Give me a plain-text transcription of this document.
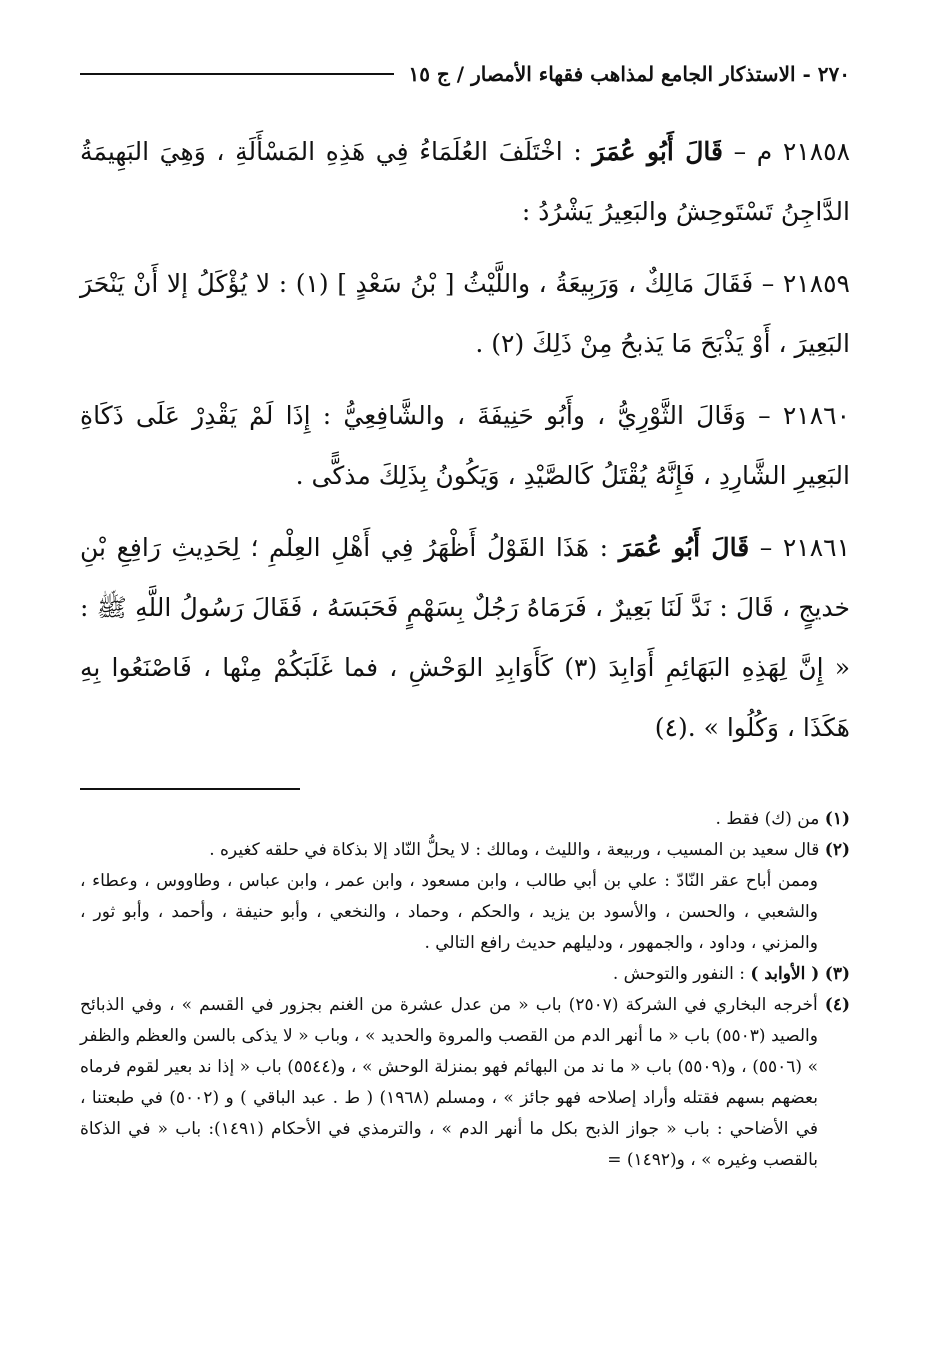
٢٧٠ - الاستذكار الجامع لمذاهب فقهاء الأمصار / ج ١٥

٢١٨٥٨ م – قَالَ أَبُو عُمَرَ : اخْتَلَفَ العُلَمَاءُ فِي هَذِهِ المَسْأَلَةِ ، وَهِيَ البَهِيمَةُ الدَّاجِنُ تَسْتَوحِشُ والبَعِيرُ يَشْرُدُ :

٢١٨٥٩ – فَقَالَ مَالِكٌ ، وَرَبِيعَةُ ، واللَّيْثُ [ بْنُ سَعْدٍ ] (١) : لا يُؤْكَلُ إلا أَنْ يَنْحَرَ البَعِيرَ ، أَوْ يَذْبَحَ مَا يَذبحُ مِنْ ذَلِكَ (٢) .

٢١٨٦٠ – وَقَالَ الثَّوْرِيُّ ، وأَبُو حَنِيفَةَ ، والشَّافِعِيُّ : إِذَا لَمْ يَقْدِرْ عَلَى ذَكَاةِ البَعِيرِ الشَّارِدِ ، فَإِنَّهُ يُقْتَلُ كَالصَّيْدِ ، وَيَكُونُ بِذَلِكَ مذكًّى .

٢١٨٦١ – قَالَ أَبُو عُمَرَ : هَذَا القَوْلُ أَظْهَرُ فِي أَهْلِ العِلْمِ ؛ لِحَدِيثِ رَافِعِ بْنِ خديجٍ ، قَالَ : نَدَّ لَنَا بَعِيرٌ ، فَرَمَاهُ رَجُلٌ بِسَهْمٍ فَحَبَسَهُ ، فَقَالَ رَسُولُ اللَّهِ ﷺ : « إِنَّ لِهَذِهِ البَهَائِمِ أَوَابِدَ (٣) كَأَوَابِدِ الوَحْشِ ، فما غَلَبَكُمْ مِنْها ، فَاصْنَعُوا بِهِ هَكَذَا ، وَكُلُوا » .(٤)

(١) من (ك) فقط .

(٢) قال سعيد بن المسيب ، وربيعة ، والليث ، ومالك : لا يحلُّ النّاد إلا بذكاة في حلقه كغيره .

وممن أباح عقر النّادّ : علي بن أبي طالب ، وابن مسعود ، وابن عمر ، وابن عباس ، وطاووس ، وعطاء ، والشعبي ، والحسن ، والأسود بن يزيد ، والحكم ، وحماد ، والنخعي ، وأبو حنيفة ، وأحمد ، وأبو ثور ، والمزني ، وداود ، والجمهور ، ودليلهم حديث رافع التالي .

(٣) ( الأوابد ) : النفور والتوحش .

(٤) أخرجه البخاري في الشركة (٢٥٠٧) باب « من عدل عشرة من الغنم بجزور في القسم » ، وفي الذبائح والصيد (٥٥٠٣) باب « ما أنهر الدم من القصب والمروة والحديد » ، وباب « لا يذكى بالسن والعظم والظفر » (٥٥٠٦) ، و(٥٥٠٩) باب « ما ند من البهائم فهو بمنزلة الوحش » ، و(٥٥٤٤) باب « إذا ند بعير لقوم فرماه بعضهم بسهم فقتله وأراد إصلاحه فهو جائز » ، ومسلم (١٩٦٨) ( ط . عبد الباقي ) و (٥٠٠٢) في طبعتنا ، في الأضاحي : باب « جواز الذبح بكل ما أنهر الدم » ، والترمذي في الأحكام (١٤٩١): باب « في الذكاة بالقصب وغيره » ، و(١٤٩٢) =
